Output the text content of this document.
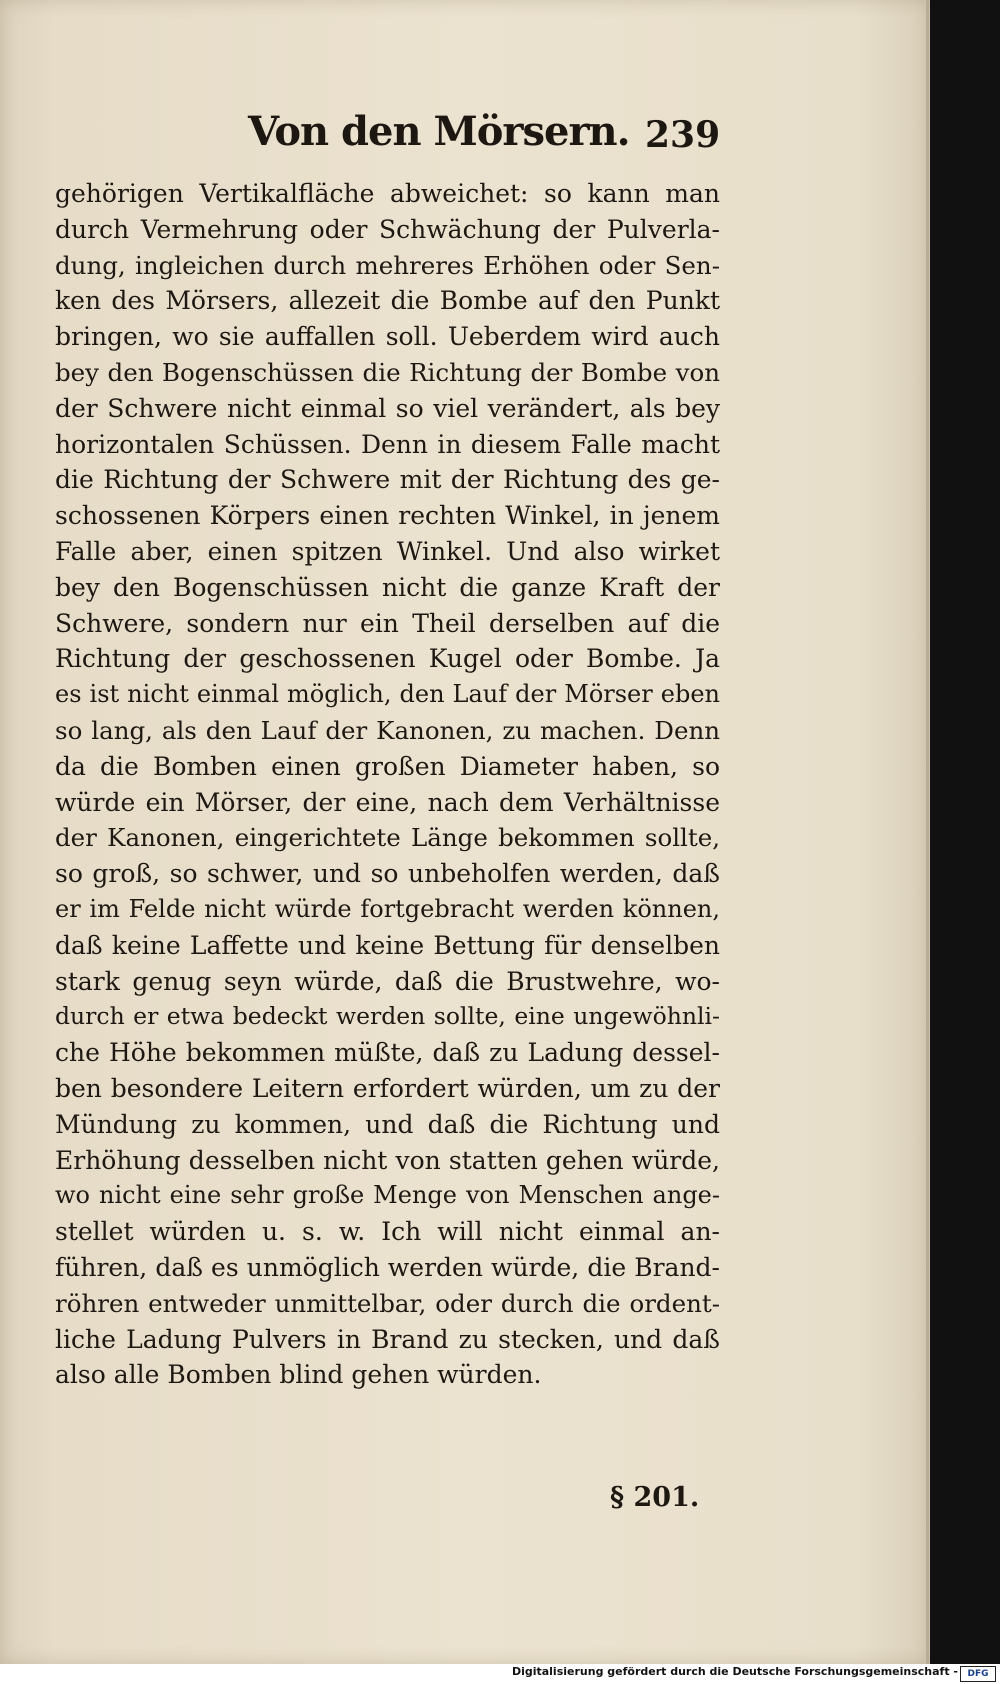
Von den Mörsern. 239
gehörigen Vertikalfläche abweichet: so kann man
durch Vermehrung oder Schwächung der Pulverla-
dung, ingleichen durch mehreres Erhöhen oder Sen-
ken des Mörsers, allezeit die Bombe auf den Punkt
bringen, wo sie auffallen soll. Ueberdem wird auch
bey den Bogenschüssen die Richtung der Bombe von
der Schwere nicht einmal so viel verändert, als bey
horizontalen Schüssen. Denn in diesem Falle macht
die Richtung der Schwere mit der Richtung des ge-
schossenen Körpers einen rechten Winkel, in jenem
Falle aber, einen spitzen Winkel. Und also wirket
bey den Bogenschüssen nicht die ganze Kraft der
Schwere, sondern nur ein Theil derselben auf die
Richtung der geschossenen Kugel oder Bombe. Ja
es ist nicht einmal möglich, den Lauf der Mörser eben
so lang, als den Lauf der Kanonen, zu machen. Denn
da die Bomben einen großen Diameter haben, so
würde ein Mörser, der eine, nach dem Verhältnisse
der Kanonen, eingerichtete Länge bekommen sollte,
so groß, so schwer, und so unbeholfen werden, daß
er im Felde nicht würde fortgebracht werden können,
daß keine Laffette und keine Bettung für denselben
stark genug seyn würde, daß die Brustwehre, wo-
durch er etwa bedeckt werden sollte, eine ungewöhnli-
che Höhe bekommen müßte, daß zu Ladung dessel-
ben besondere Leitern erfordert würden, um zu der
Mündung zu kommen, und daß die Richtung und
Erhöhung desselben nicht von statten gehen würde,
wo nicht eine sehr große Menge von Menschen ange-
stellet würden u. s. w. Ich will nicht einmal an-
führen, daß es unmöglich werden würde, die Brand-
röhren entweder unmittelbar, oder durch die ordent-
liche Ladung Pulvers in Brand zu stecken, und daß
also alle Bomben blind gehen würden.
§ 201.
Digitalisierung gefördert durch die Deutsche Forschungsgemeinschaft -	DFG
